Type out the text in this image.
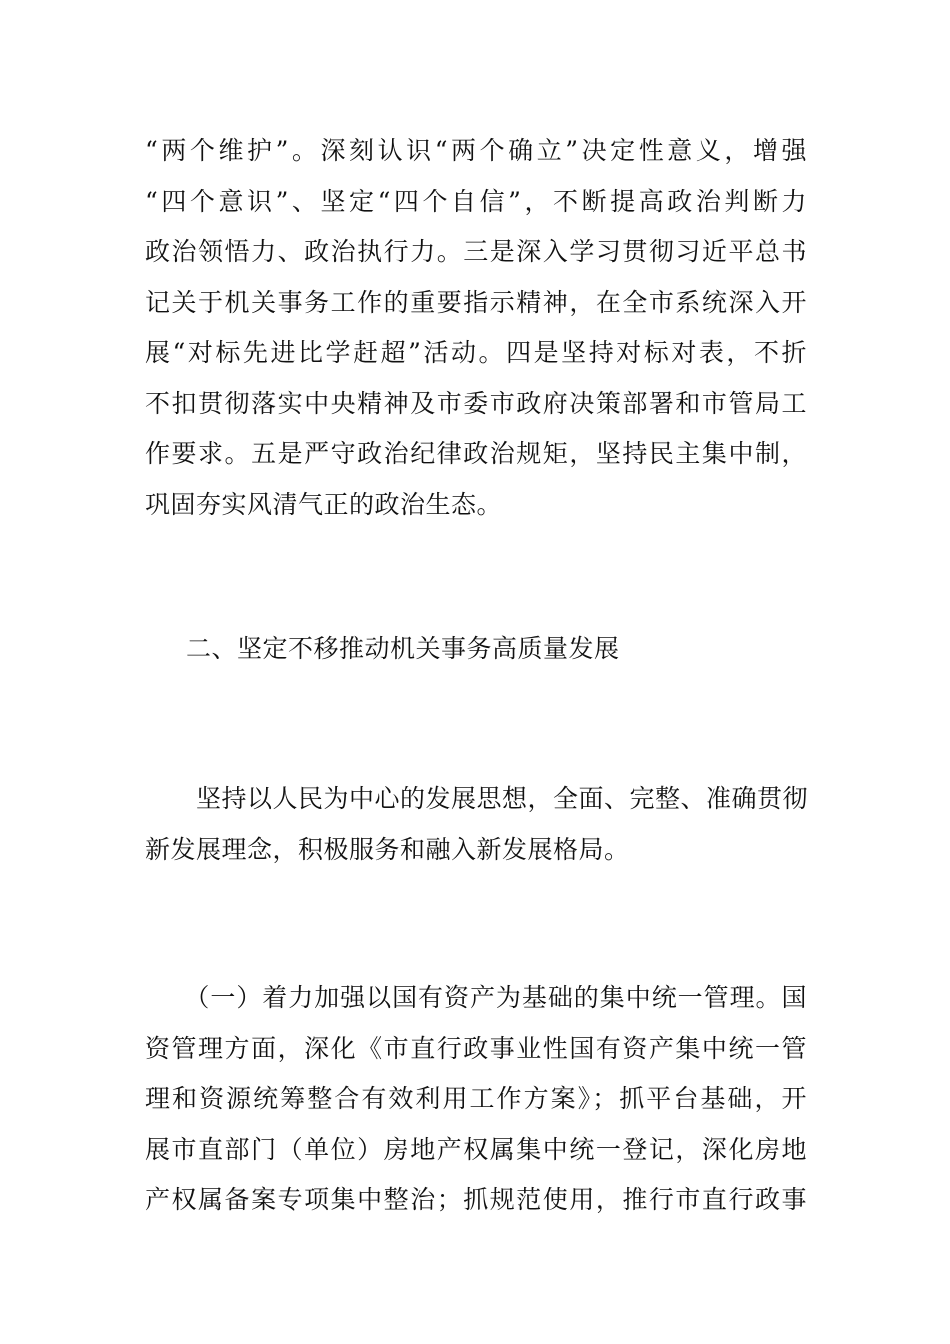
“两个维护”。深刻认识“两个确立”决定性意义，增强
“四个意识”、坚定“四个自信”，不断提高政治判断力
政治领悟力、政治执行力。三是深入学习贯彻习近平总书
记关于机关事务工作的重要指示精神，在全市系统深入开
展“对标先进比学赶超”活动。四是坚持对标对表，不折
不扣贯彻落实中央精神及市委市政府决策部署和市管局工
作要求。五是严守政治纪律政治规矩，坚持民主集中制，
巩固夯实风清气正的政治生态。
二、坚定不移推动机关事务高质量发展
　　坚持以人民为中心的发展思想，全面、完整、准确贯彻
新发展理念，积极服务和融入新发展格局。
　　（一）着力加强以国有资产为基础的集中统一管理。国
资管理方面，深化《市直行政事业性国有资产集中统一管
理和资源统筹整合有效利用工作方案》；抓平台基础，开
展市直部门（单位）房地产权属集中统一登记，深化房地
产权属备案专项集中整治；抓规范使用，推行市直行政事
